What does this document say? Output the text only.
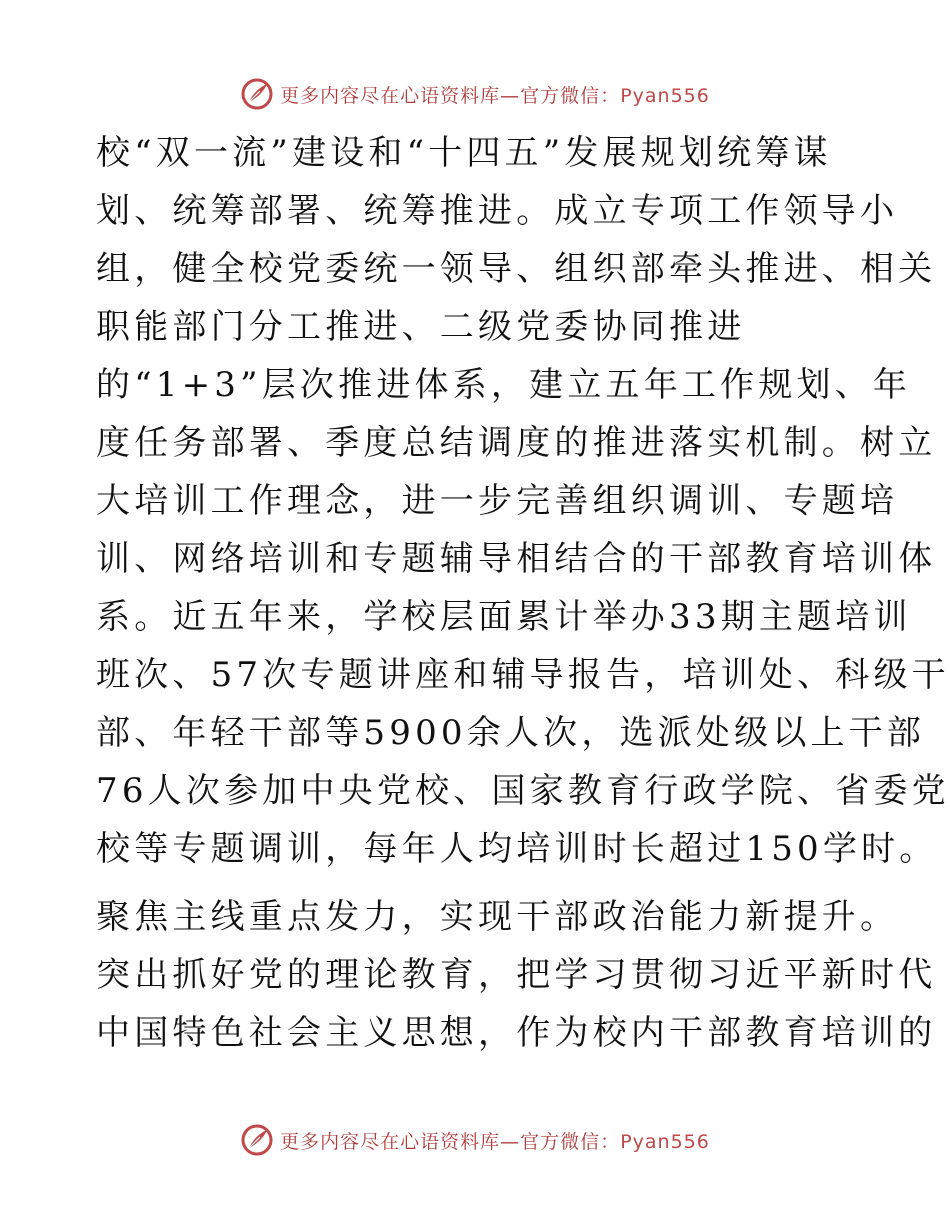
更多内容尽在心语资料库—官方微信：Pyan556
校“双一流”建设和“十四五”发展规划统筹谋
划、统筹部署、统筹推进。成立专项工作领导小
组，健全校党委统一领导、组织部牵头推进、相关
职能部门分工推进、二级党委协同推进
的“1+3”层次推进体系，建立五年工作规划、年
度任务部署、季度总结调度的推进落实机制。树立
大培训工作理念，进一步完善组织调训、专题培
训、网络培训和专题辅导相结合的干部教育培训体
系。近五年来，学校层面累计举办33期主题培训
班次、57次专题讲座和辅导报告，培训处、科级干
部、年轻干部等5900余人次，选派处级以上干部
76人次参加中央党校、国家教育行政学院、省委党
校等专题调训，每年人均培训时长超过150学时。
聚焦主线重点发力，实现干部政治能力新提升。
突出抓好党的理论教育，把学习贯彻习近平新时代
中国特色社会主义思想，作为校内干部教育培训的
更多内容尽在心语资料库—官方微信：Pyan556
